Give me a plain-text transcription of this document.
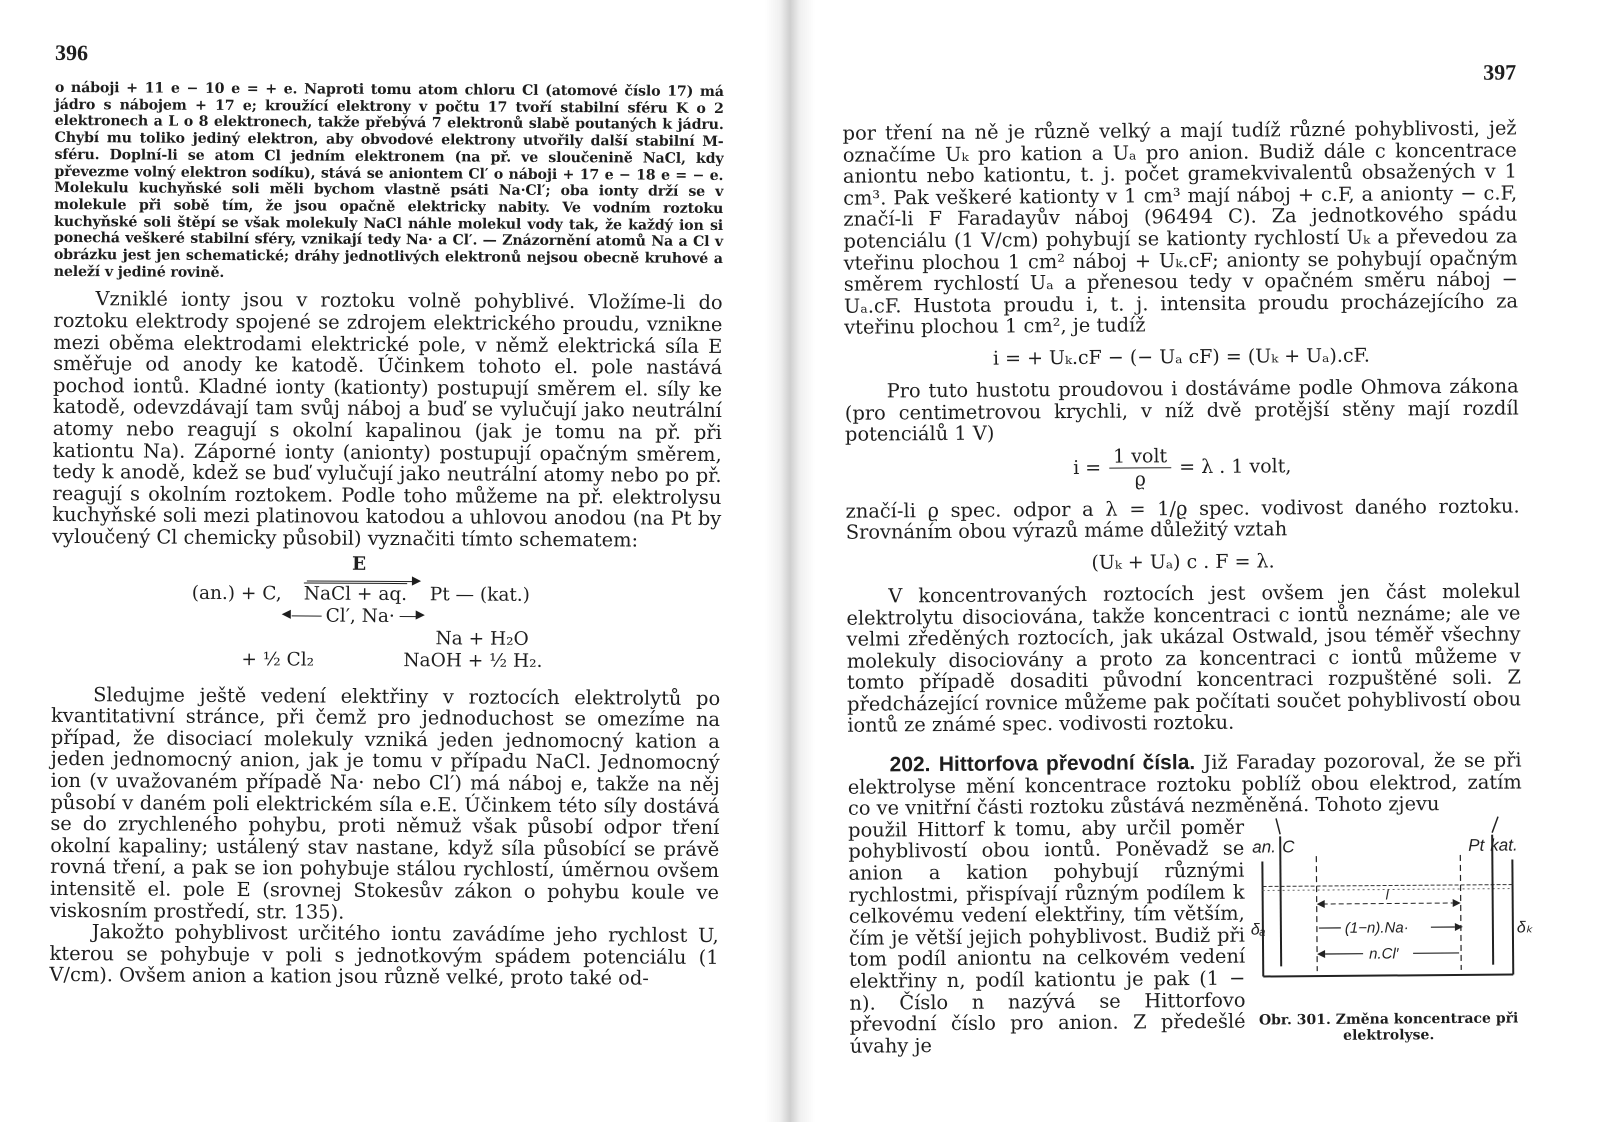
396

o náboji + 11 e − 10 e = + e. Naproti tomu atom chloru Cl (atomové číslo 17) má jádro s nábojem + 17 e; kroužící elektrony v počtu 17 tvoří stabilní sféru K o 2 elektronech a L o 8 elektronech, takže přebývá 7 elektronů slabě poutaných k jádru. Chybí mu toliko jediný elektron, aby obvodové elektrony utvořily další stabilní M-sféru. Doplní-li se atom Cl jedním elektronem (na př. ve sloučenině NaCl, kdy převezme volný elektron sodíku), stává se aniontem Cl′ o náboji + 17 e − 18 e = − e. Molekulu kuchyňské soli měli bychom vlastně psáti Na·Cl′; oba ionty drží se v molekule při sobě tím, že jsou opačně elektricky nabity. Ve vodním roztoku kuchyňské soli štěpí se však molekuly NaCl náhle molekul vody tak, že každý ion si ponechá veškeré stabilní sféry, vznikají tedy Na· a Cl′. — Znázornění atomů Na a Cl v obrázku jest jen schematické; dráhy jednotlivých elektronů nejsou obecně kruhové a neleží v jediné rovině.

Vzniklé ionty jsou v roztoku volně pohyblivé. Vložíme-li do roztoku elektrody spojené se zdrojem elektrického proudu, vznikne mezi oběma elektrodami elektrické pole, v němž elektrická síla E směřuje od anody ke katodě. Účinkem tohoto el. pole nastává pochod iontů. Kladné ionty (kationty) postupují směrem el. síly ke katodě, odevzdávají tam svůj náboj a buď se vylučují jako neutrální atomy nebo reagují s okolní kapalinou (jak je tomu na př. při kationtu Na). Záporné ionty (anionty) postupují opačným směrem, tedy k anodě, kdež se buď vylučují jako neutrální atomy nebo po př. reagují s okolním roztokem. Podle toho můžeme na př. elektrolysu kuchyňské soli mezi platinovou katodou a uhlovou anodou (na Pt by vyloučený Cl chemicky působil) vyznačiti tímto schematem:

E
▶
(an.) + C, NaCl + aq. Pt — (kat.)
◀ Cl′, Na· ▶
Na + H₂O
+ ½ Cl₂	NaOH + ½ H₂.

Sledujme ještě vedení elektřiny v roztocích elektrolytů po kvantitativní stránce, při čemž pro jednoduchost se omezíme na případ, že disociací molekuly vzniká jeden jednomocný kation a jeden jednomocný anion, jak je tomu v případu NaCl. Jednomocný ion (v uvažovaném případě Na· nebo Cl′) má náboj e, takže na něj působí v daném poli elektrickém síla e.E. Účinkem této síly dostává se do zrychleného pohybu, proti němuž však působí odpor tření okolní kapaliny; ustálený stav nastane, když síla působící se právě rovná tření, a pak se ion pohybuje stálou rychlostí, úměrnou ovšem intensitě el. pole E (srovnej Stokesův zákon o pohybu koule ve viskosním prostředí, str. 135).

Jakožto pohyblivost určitého iontu zavádíme jeho rychlost U, kterou se pohybuje v poli s jednotkovým spádem potenciálu (1 V/cm). Ovšem anion a kation jsou různě velké, proto také od-

397

por tření na ně je různě velký a mají tudíž různé pohyblivosti, jež označíme Uₖ pro kation a Uₐ pro anion. Budiž dále c koncentrace aniontu nebo kationtu, t. j. počet gramekvivalentů obsažených v 1 cm³. Pak veškeré kationty v 1 cm³ mají náboj + c.F, a anionty − c.F, značí-li F Faradayův náboj (96494 C). Za jednotkového spádu potenciálu (1 V/cm) pohybují se kationty rychlostí Uₖ a převedou za vteřinu plochou 1 cm² náboj + Uₖ.cF; anionty se pohybují opačným směrem rychlostí Uₐ a přenesou tedy v opačném směru náboj − Uₐ.cF. Hustota proudu i, t. j. intensita proudu procházejícího za vteřinu plochou 1 cm², je tudíž

i = + Uₖ.cF − (− Uₐ cF) = (Uₖ + Uₐ).cF.

Pro tuto hustotu proudovou i dostáváme podle Ohmova zákona (pro centimetrovou krychli, v níž dvě protější stěny mají rozdíl potenciálů 1 V)

i =
1 volt
ϱ
= λ . 1 volt,

značí-li ϱ spec. odpor a λ = 1/ϱ spec. vodivost daného roztoku. Srovnáním obou výrazů máme důležitý vztah

(Uₖ + Uₐ) c . F = λ.

V koncentrovaných roztocích jest ovšem jen část molekul elektrolytu disociována, takže koncentraci c iontů neznáme; ale ve velmi zředěných roztocích, jak ukázal Ostwald, jsou téměř všechny molekuly disociovány a proto za koncentraci c iontů můžeme v tomto případě dosaditi původní koncentraci rozpuštěné soli. Z předcházející rovnice můžeme pak počítati součet pohyblivostí obou iontů ze známé spec. vodivosti roztoku.

202. Hittorfova převodní čísla. Již Faraday pozoroval, že se při elektrolyse mění koncentrace roztoku poblíž obou elektrod, zatím co ve vnitřní části roztoku zůstává nezměněná. Tohoto zjevu

použil Hittorf k tomu, aby určil poměr pohyblivostí obou iontů. Poněvadž se anion a kation pohybují různými rychlostmi, přispívají různým podílem k celkovému vedení elektřiny, tím větším, čím je větší jejich pohyblivost. Budiž při tom podíl aniontu na celkovém vedení elektřiny n, podíl kationtu je pak (1 − n). Číslo n nazývá se Hittorfovo převodní číslo pro anion. Z předešlé úvahy je

an. C	Pt kat.
l
(1−n).Na·
n.Cl′
δₐ	δₖ
Obr. 301. Změna koncentrace při elektrolyse.
